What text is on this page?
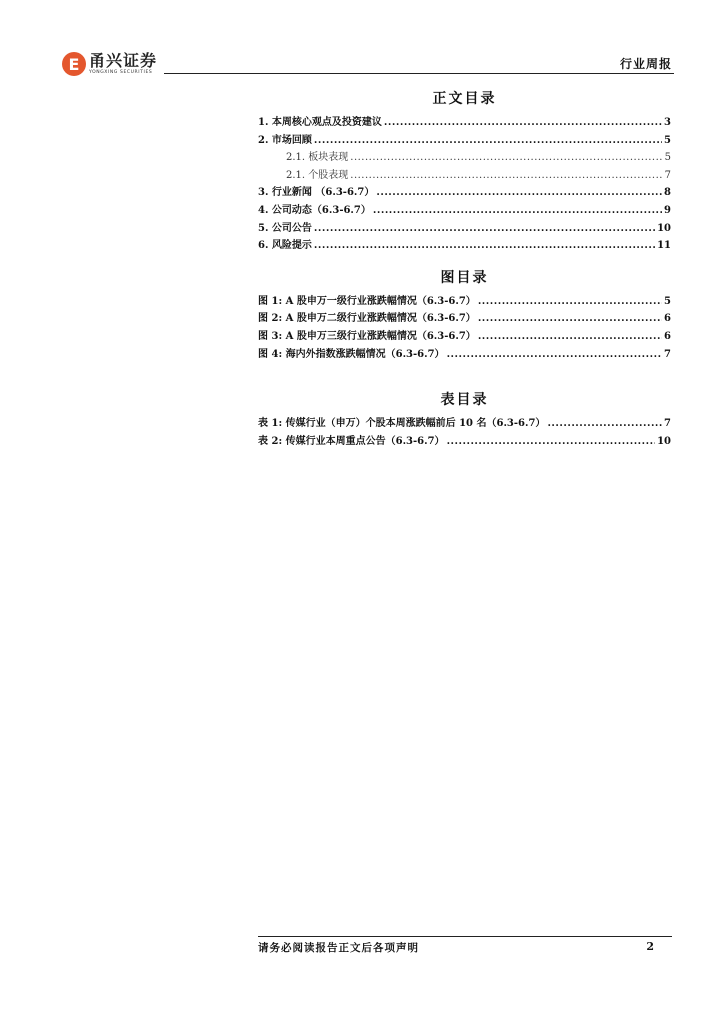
E 甬兴证券
YONGXING SECURITIES
行业周报
正文目录
1. 本周核心观点及投资建议 .....	3
2. 市场回顾 .....	5
2.1. 板块表现 .....	5
2.1. 个股表现 .....	7
3. 行业新闻 （6.3-6.7） .....	8
4. 公司动态（6.3-6.7） .....	9
5. 公司公告 .....	10
6. 风险提示 .....	11
图目录
图 1: A 股申万一级行业涨跌幅情况（6.3-6.7） .....	5
图 2: A 股申万二级行业涨跌幅情况（6.3-6.7） .....	6
图 3: A 股申万三级行业涨跌幅情况（6.3-6.7） .....	6
图 4: 海内外指数涨跌幅情况（6.3-6.7） .....	7
表目录
表 1: 传媒行业（申万）个股本周涨跌幅前后 10 名（6.3-6.7） .....	7
表 2: 传媒行业本周重点公告（6.3-6.7） .....	10
请务必阅读报告正文后各项声明	2
